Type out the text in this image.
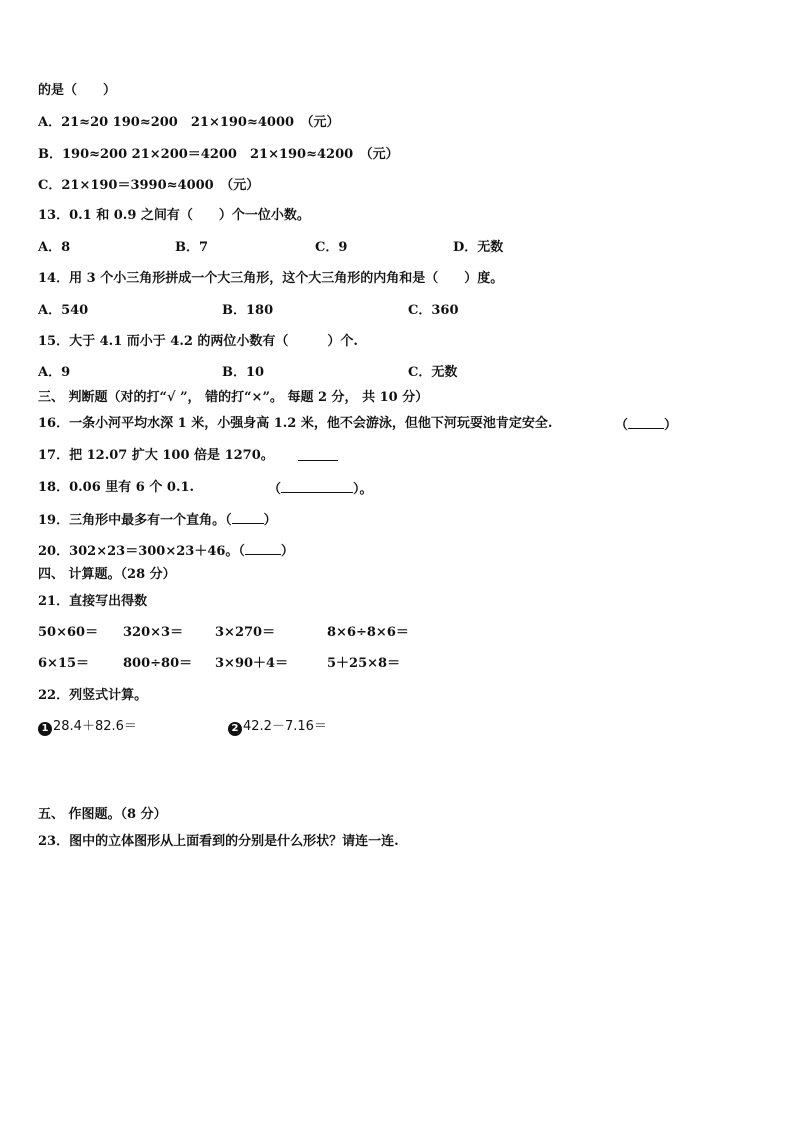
的是（　　）
A．21≈20 190≈200　21×190≈4000　（元）
B．190≈200 21×200＝4200　21×190≈4200　（元）
C．21×190＝3990≈4000　（元）
13．0.1 和 0.9 之间有（　　）个一位小数。
A．8	B．7	C．9	D．无数
14．用 3 个小三角形拼成一个大三角形，这个大三角形的内角和是（　　）度。
A．540	B．180	C．360
15．大于 4.1 而小于 4.2 的两位小数有（　　　）个.
A．9	B．10	C．无数
三、 判断题（对的打“√ ”， 错的打“×”。 每题 2 分， 共 10 分）
16．一条小河平均水深 1 米，小强身高 1.2 米，他不会游泳，但他下河玩耍池肯定安全.	（	）
17．把 12.07 扩大 100 倍是 1270。
18．0.06 里有 6 个 0.1.	（	）。
19．三角形中最多有一个直角。（ ）
20．302×23＝300×23＋46。（	）
四、 计算题。（28 分）
21．直接写出得数
50×60＝ 320×3＝ 3×270＝	8×6÷8×6＝
6×15＝	800÷80＝ 3×90＋4＝	5＋25×8＝
22．列竖式计算。
1 28.4＋82.6＝	2 42.2－7.16＝
五、 作图题。（8 分）
23．图中的立体图形从上面看到的分别是什么形状？请连一连.
